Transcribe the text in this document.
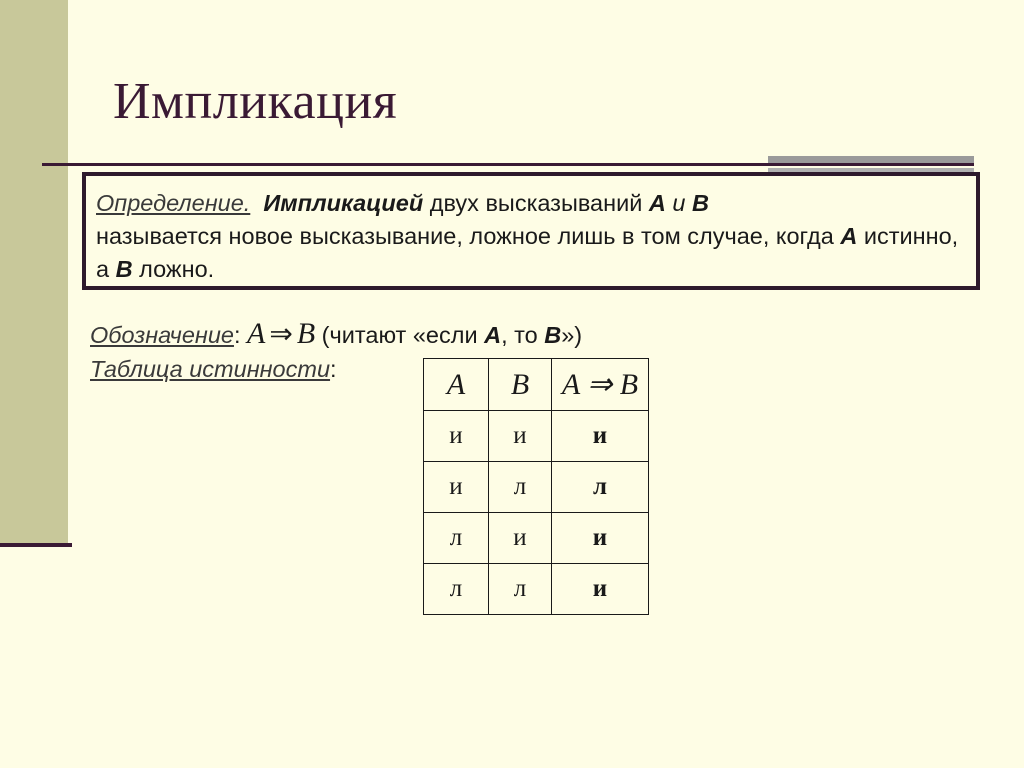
Импликация
Определение. Импликацией двух высказываний A и B
называется новое высказывание, ложное лишь в том случае, когда A истинно, а B ложно.
Обозначение: A ⇒ B (читают «если A, то B»)
Таблица истинности:	A	B	A ⇒ B
и	и	и
и	л	л
л	и	и
л	л	и
